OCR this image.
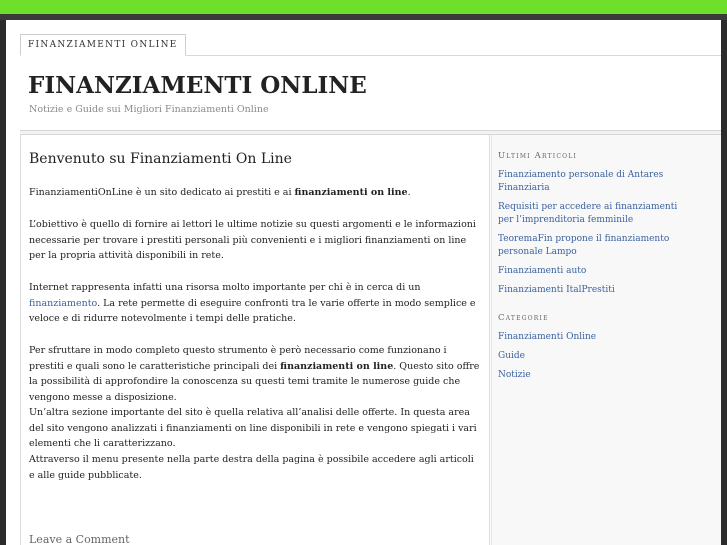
FINANZIAMENTI ONLINE
FINANZIAMENTI ONLINE
Notizie e Guide sui Migliori Finanziamenti Online
Benvenuto su Finanziamenti On Line
FinanziamentiOnLine è un sito dedicato ai prestiti e ai finanziamenti on line.
L’obiettivo è quello di fornire ai lettori le ultime notizie su questi argomenti e le informazioni necessarie per trovare i prestiti personali più convenienti e i migliori finanziamenti on line per la propria attività disponibili in rete.
Internet rappresenta infatti una risorsa molto importante per chi è in cerca di un finanziamento. La rete permette di eseguire confronti tra le varie offerte in modo semplice e veloce e di ridurre notevolmente i tempi delle pratiche.
Per sfruttare in modo completo questo strumento è però necessario come funzionano i prestiti e quali sono le caratteristiche principali dei finanziamenti on line. Questo sito offre la possibilità di approfondire la conoscenza su questi temi tramite le numerose guide che vengono messe a disposizione.
Un’altra sezione importante del sito è quella relativa all’analisi delle offerte. In questa area del sito vengono analizzati i finanziamenti on line disponibili in rete e vengono spiegati i vari elementi che li caratterizzano.
Attraverso il menu presente nella parte destra della pagina è possibile accedere agli articoli e alle guide pubblicate.
Leave a Comment
Ultimi Articoli
Finanziamento personale di Antares Finanziaria
Requisiti per accedere ai finanziamenti per l’imprenditoria femminile
TeoremaFin propone il finanziamento personale Lampo
Finanziamenti auto
Finanziamenti ItalPrestiti
Categorie
Finanziamenti Online
Guide
Notizie
